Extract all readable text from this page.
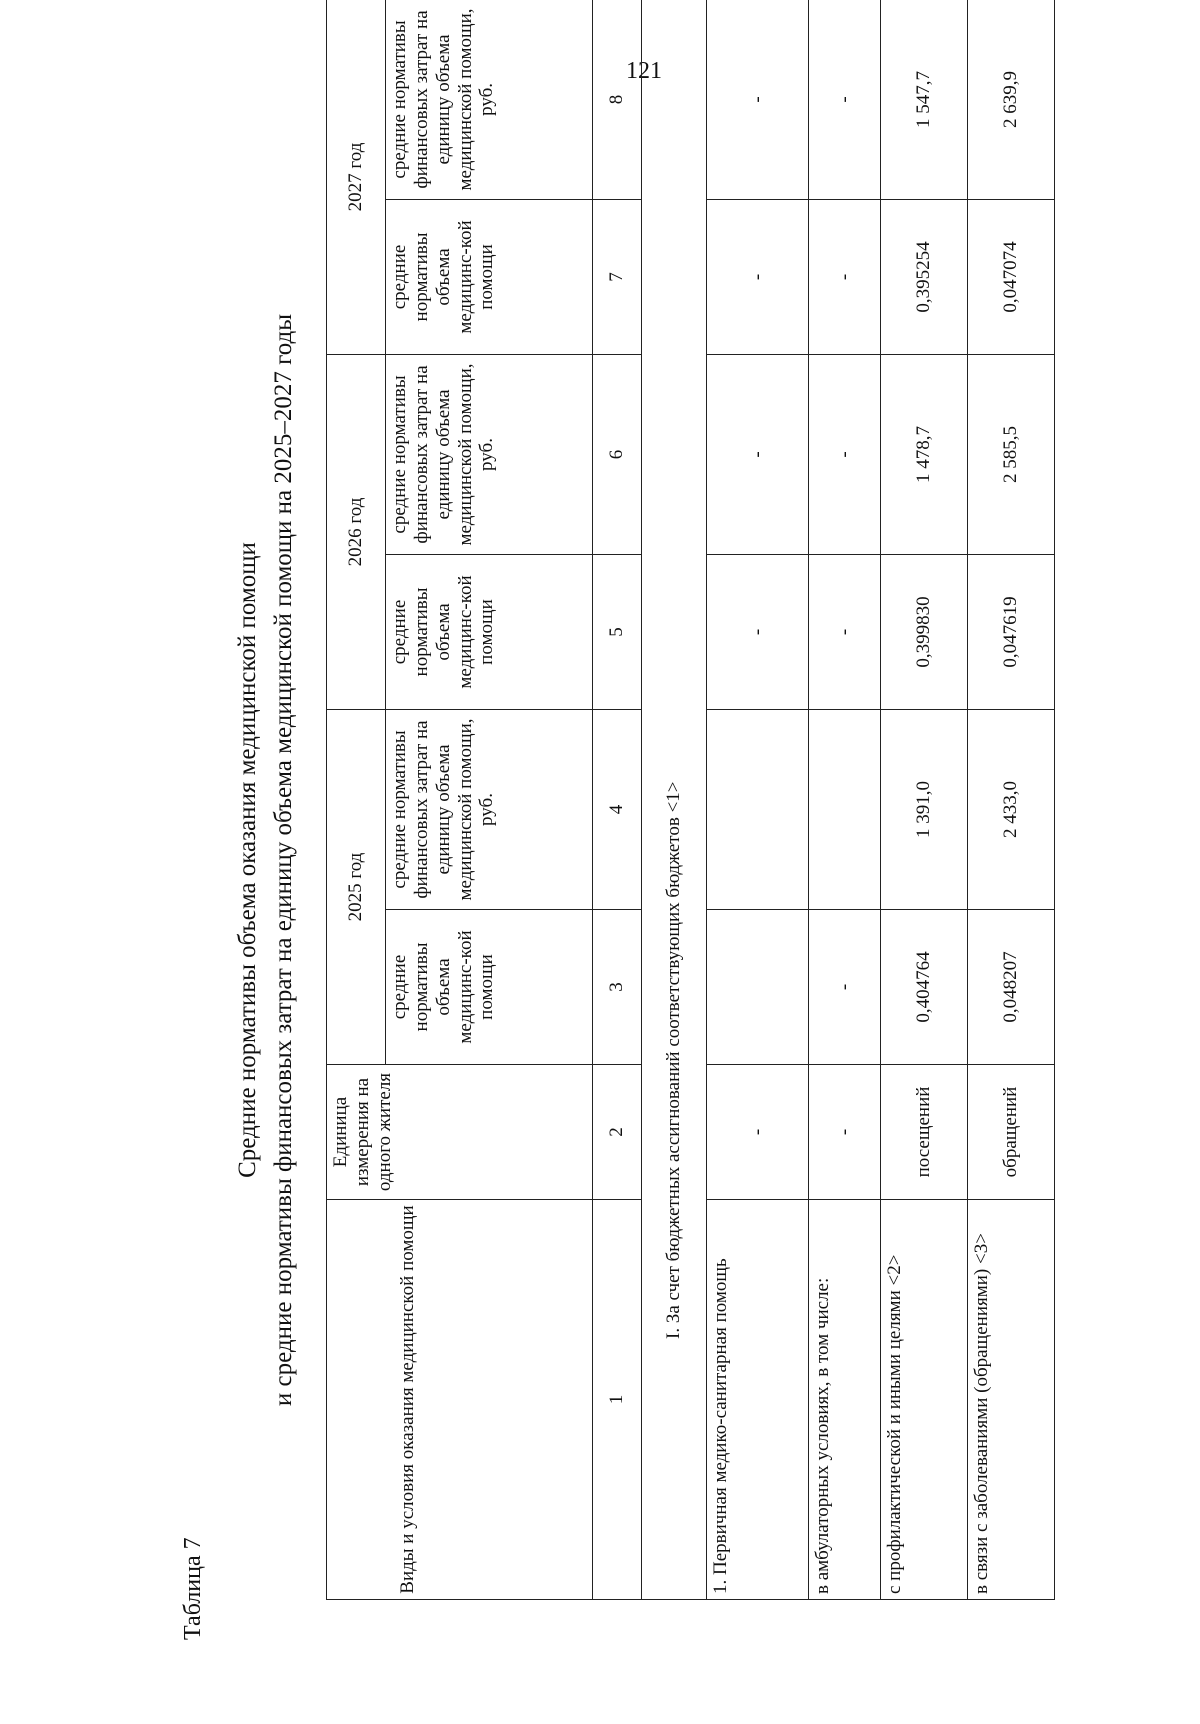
121
Таблица 7
Средние нормативы объема оказания медицинской помощи и средние нормативы финансовых затрат на единицу объема медицинской помощи на 2025–2027 годы	Виды и условия оказания медицинской помощи	Единица измерения на одного жителя	2025 год		2026 год		2027 год	
		средние нормативы объема медицинс-кой помощи	средние нормативы финансовых затрат на единицу объема медицинской помощи, руб.	средние нормативы объема медицинс-кой помощи	средние нормативы финансовых затрат на единицу объема медицинской помощи, руб.	средние нормативы объема медицинс-кой помощи	средние нормативы финансовых затрат на единицу объема медицинской помощи, руб.
1	2	3	4	5	6	7	8
I. За счет бюджетных ассигнований соответствующих бюджетов <1>							
1. Первичная медико-санитарная помощь	-			-	-	-	-
в амбулаторных условиях, в том числе:	-	-		-	-	-	-
с профилактической и иными целями <2>	посещений	0,404764	1 391,0	0,399830	1 478,7	0,395254	1 547,7
в связи с заболеваниями (обращениями) <3>	обращений	0,048207	2 433,0	0,047619	2 585,5	0,047074	2 639,9
